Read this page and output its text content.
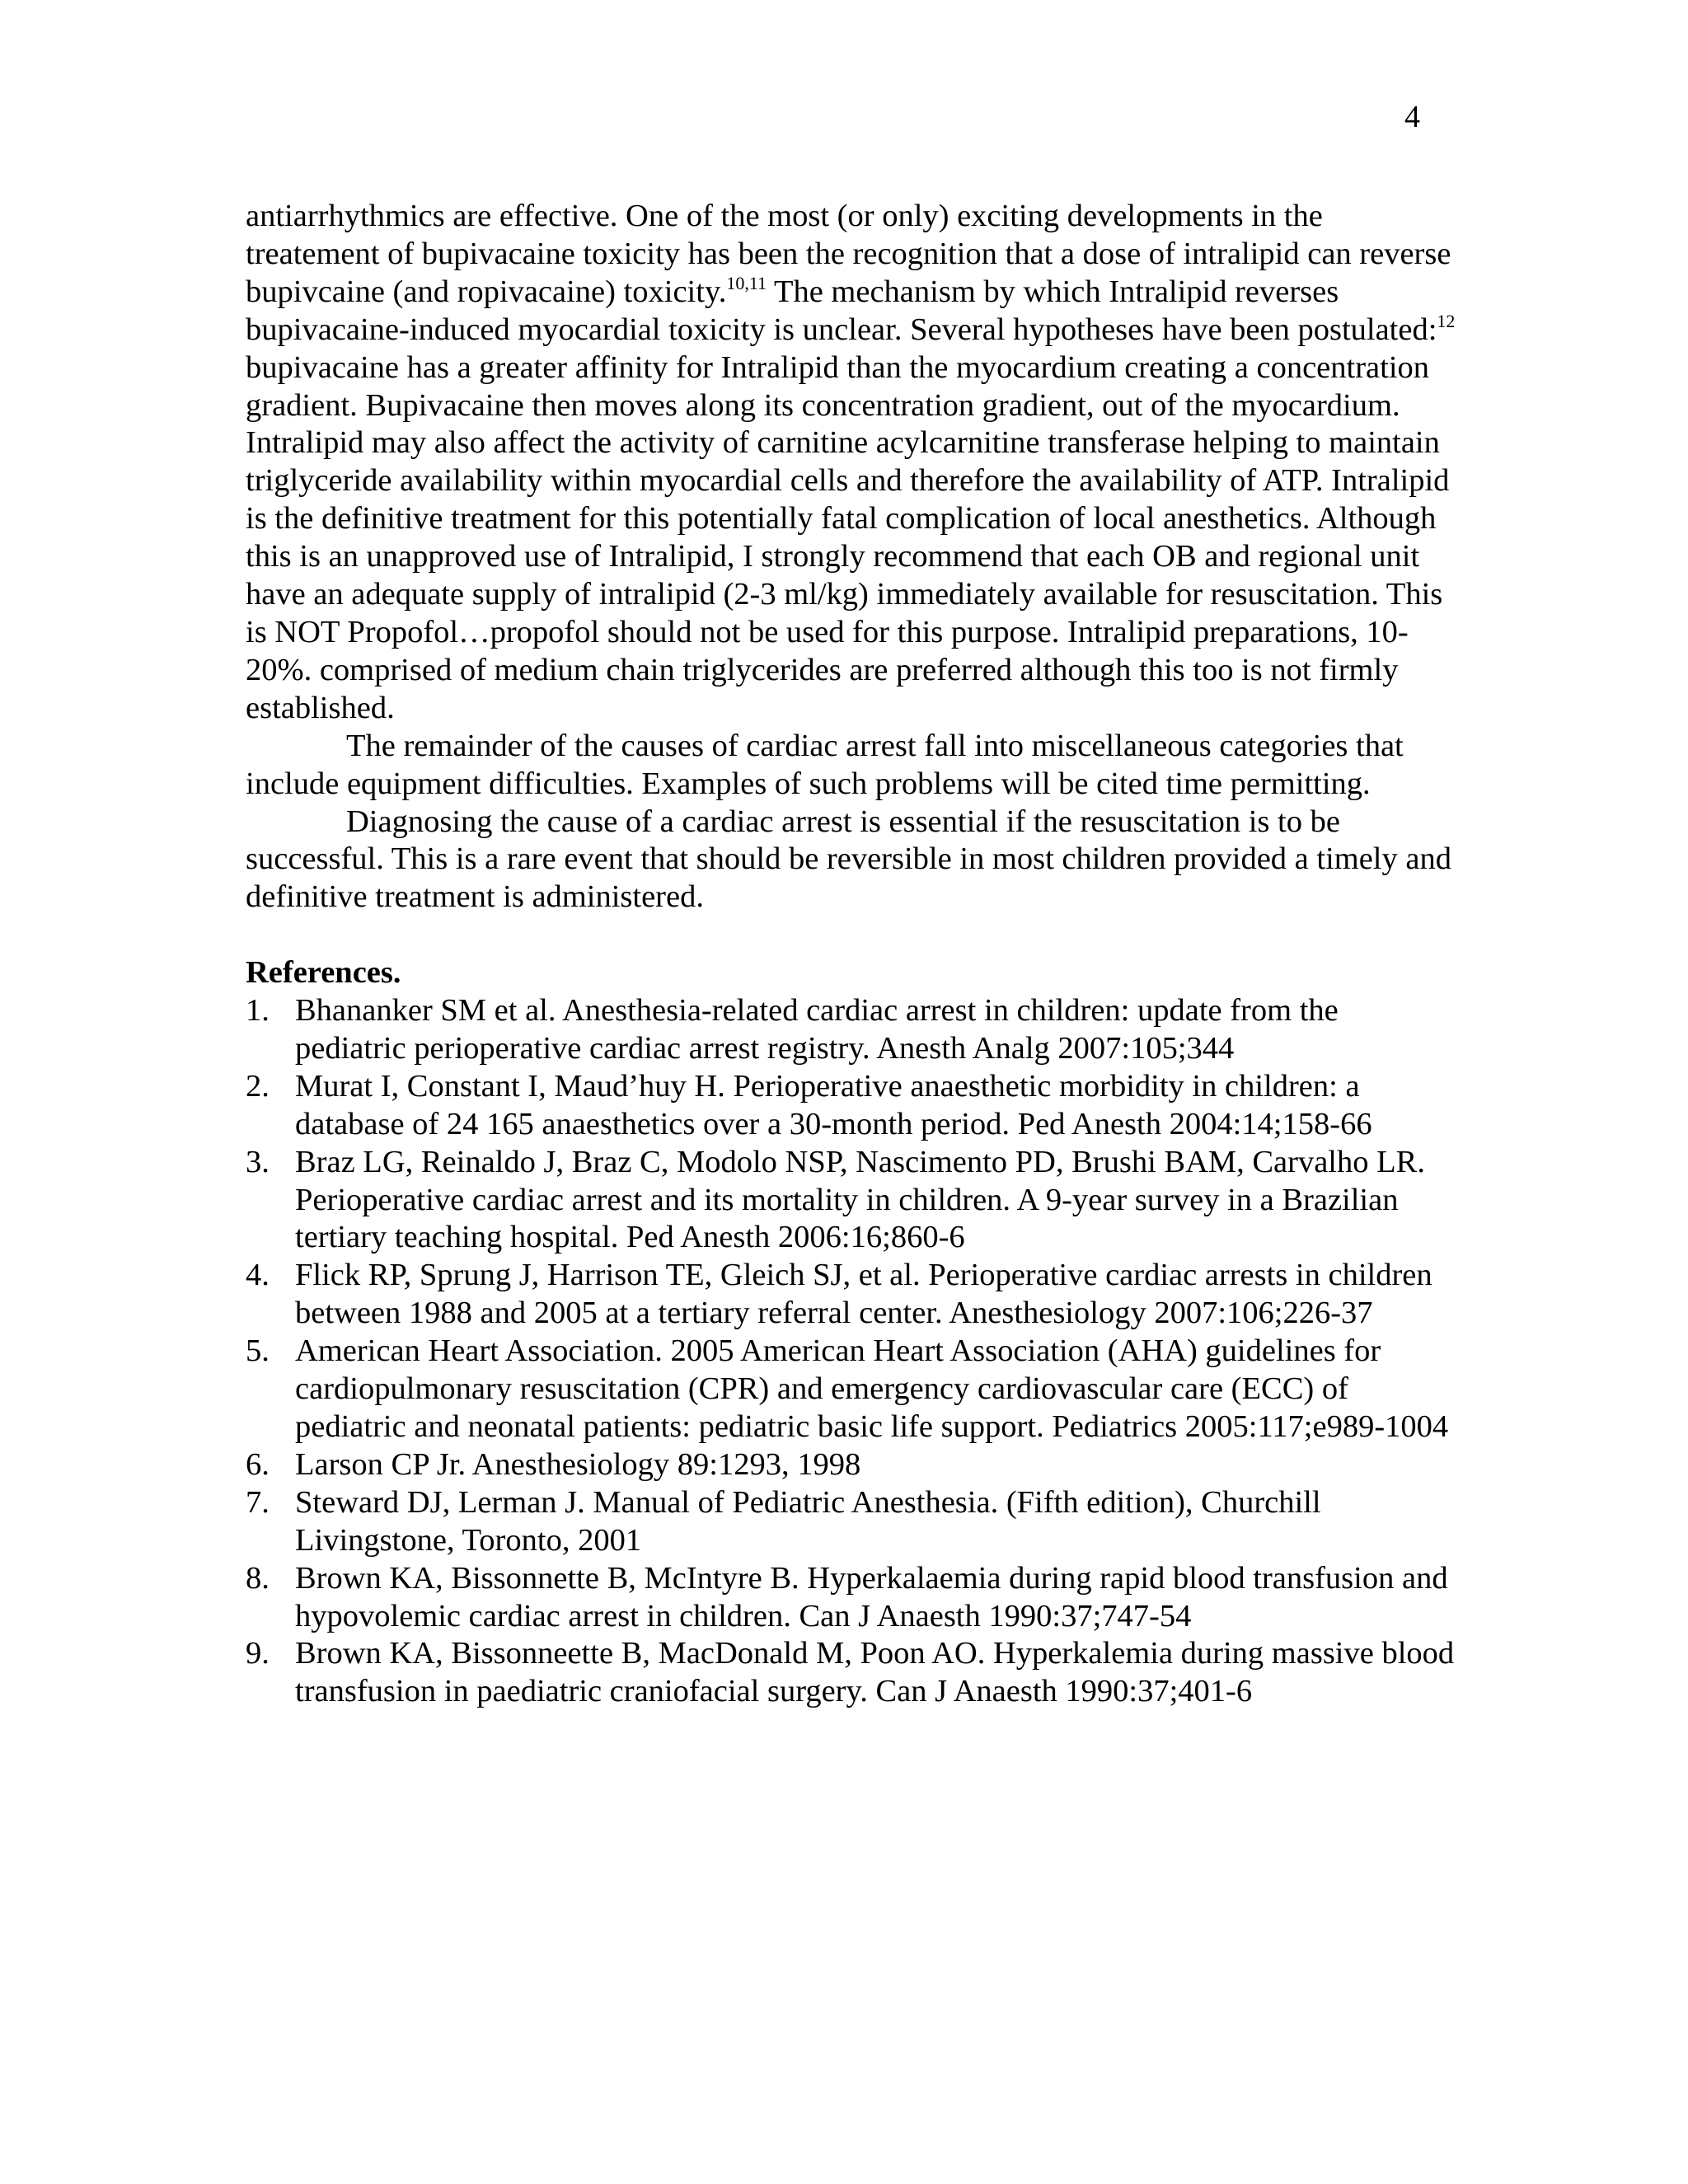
4

antiarrhythmics are effective. One of the most (or only) exciting developments in the treatement of bupivacaine toxicity has been the recognition that a dose of intralipid can reverse bupivcaine (and ropivacaine) toxicity.$^{10,11}$ The mechanism by which Intralipid reverses bupivacaine-induced myocardial toxicity is unclear. Several hypotheses have been postulated:$^{12}$ bupivacaine has a greater affinity for Intralipid than the myocardium creating a concentration gradient. Bupivacaine then moves along its concentration gradient, out of the myocardium. Intralipid may also affect the activity of carnitine acylcarnitine transferase helping to maintain triglyceride availability within myocardial cells and therefore the availability of ATP. Intralipid is the definitive treatment for this potentially fatal complication of local anesthetics. Although this is an unapproved use of Intralipid, I strongly recommend that each OB and regional unit have an adequate supply of intralipid (2-3 ml/kg) immediately available for resuscitation. This is NOT Propofol…propofol should not be used for this purpose. Intralipid preparations, 10-20%. comprised of medium chain triglycerides are preferred although this too is not firmly established.

The remainder of the causes of cardiac arrest fall into miscellaneous categories that include equipment difficulties. Examples of such problems will be cited time permitting.

Diagnosing the cause of a cardiac arrest is essential if the resuscitation is to be successful. This is a rare event that should be reversible in most children provided a timely and definitive treatment is administered.

References.
1. Bhananker SM et al. Anesthesia-related cardiac arrest in children: update from the pediatric perioperative cardiac arrest registry. Anesth Analg 2007:105;344
2. Murat I, Constant I, Maud’huy H. Perioperative anaesthetic morbidity in children: a database of 24 165 anaesthetics over a 30-month period. Ped Anesth 2004:14;158-66
3. Braz LG, Reinaldo J, Braz C, Modolo NSP, Nascimento PD, Brushi BAM, Carvalho LR. Perioperative cardiac arrest and its mortality in children. A 9-year survey in a Brazilian tertiary teaching hospital. Ped Anesth 2006:16;860-6
4. Flick RP, Sprung J, Harrison TE, Gleich SJ, et al. Perioperative cardiac arrests in children between 1988 and 2005 at a tertiary referral center. Anesthesiology 2007:106;226-37
5. American Heart Association. 2005 American Heart Association (AHA) guidelines for cardiopulmonary resuscitation (CPR) and emergency cardiovascular care (ECC) of pediatric and neonatal patients: pediatric basic life support. Pediatrics 2005:117;e989-1004
6. Larson CP Jr. Anesthesiology 89:1293, 1998
7. Steward DJ, Lerman J. Manual of Pediatric Anesthesia. (Fifth edition), Churchill Livingstone, Toronto, 2001
8. Brown KA, Bissonnette B, McIntyre B. Hyperkalaemia during rapid blood transfusion and hypovolemic cardiac arrest in children. Can J Anaesth 1990:37;747-54
9. Brown KA, Bissonneette B, MacDonald M, Poon AO. Hyperkalemia during massive blood transfusion in paediatric craniofacial surgery. Can J Anaesth 1990:37;401-6
